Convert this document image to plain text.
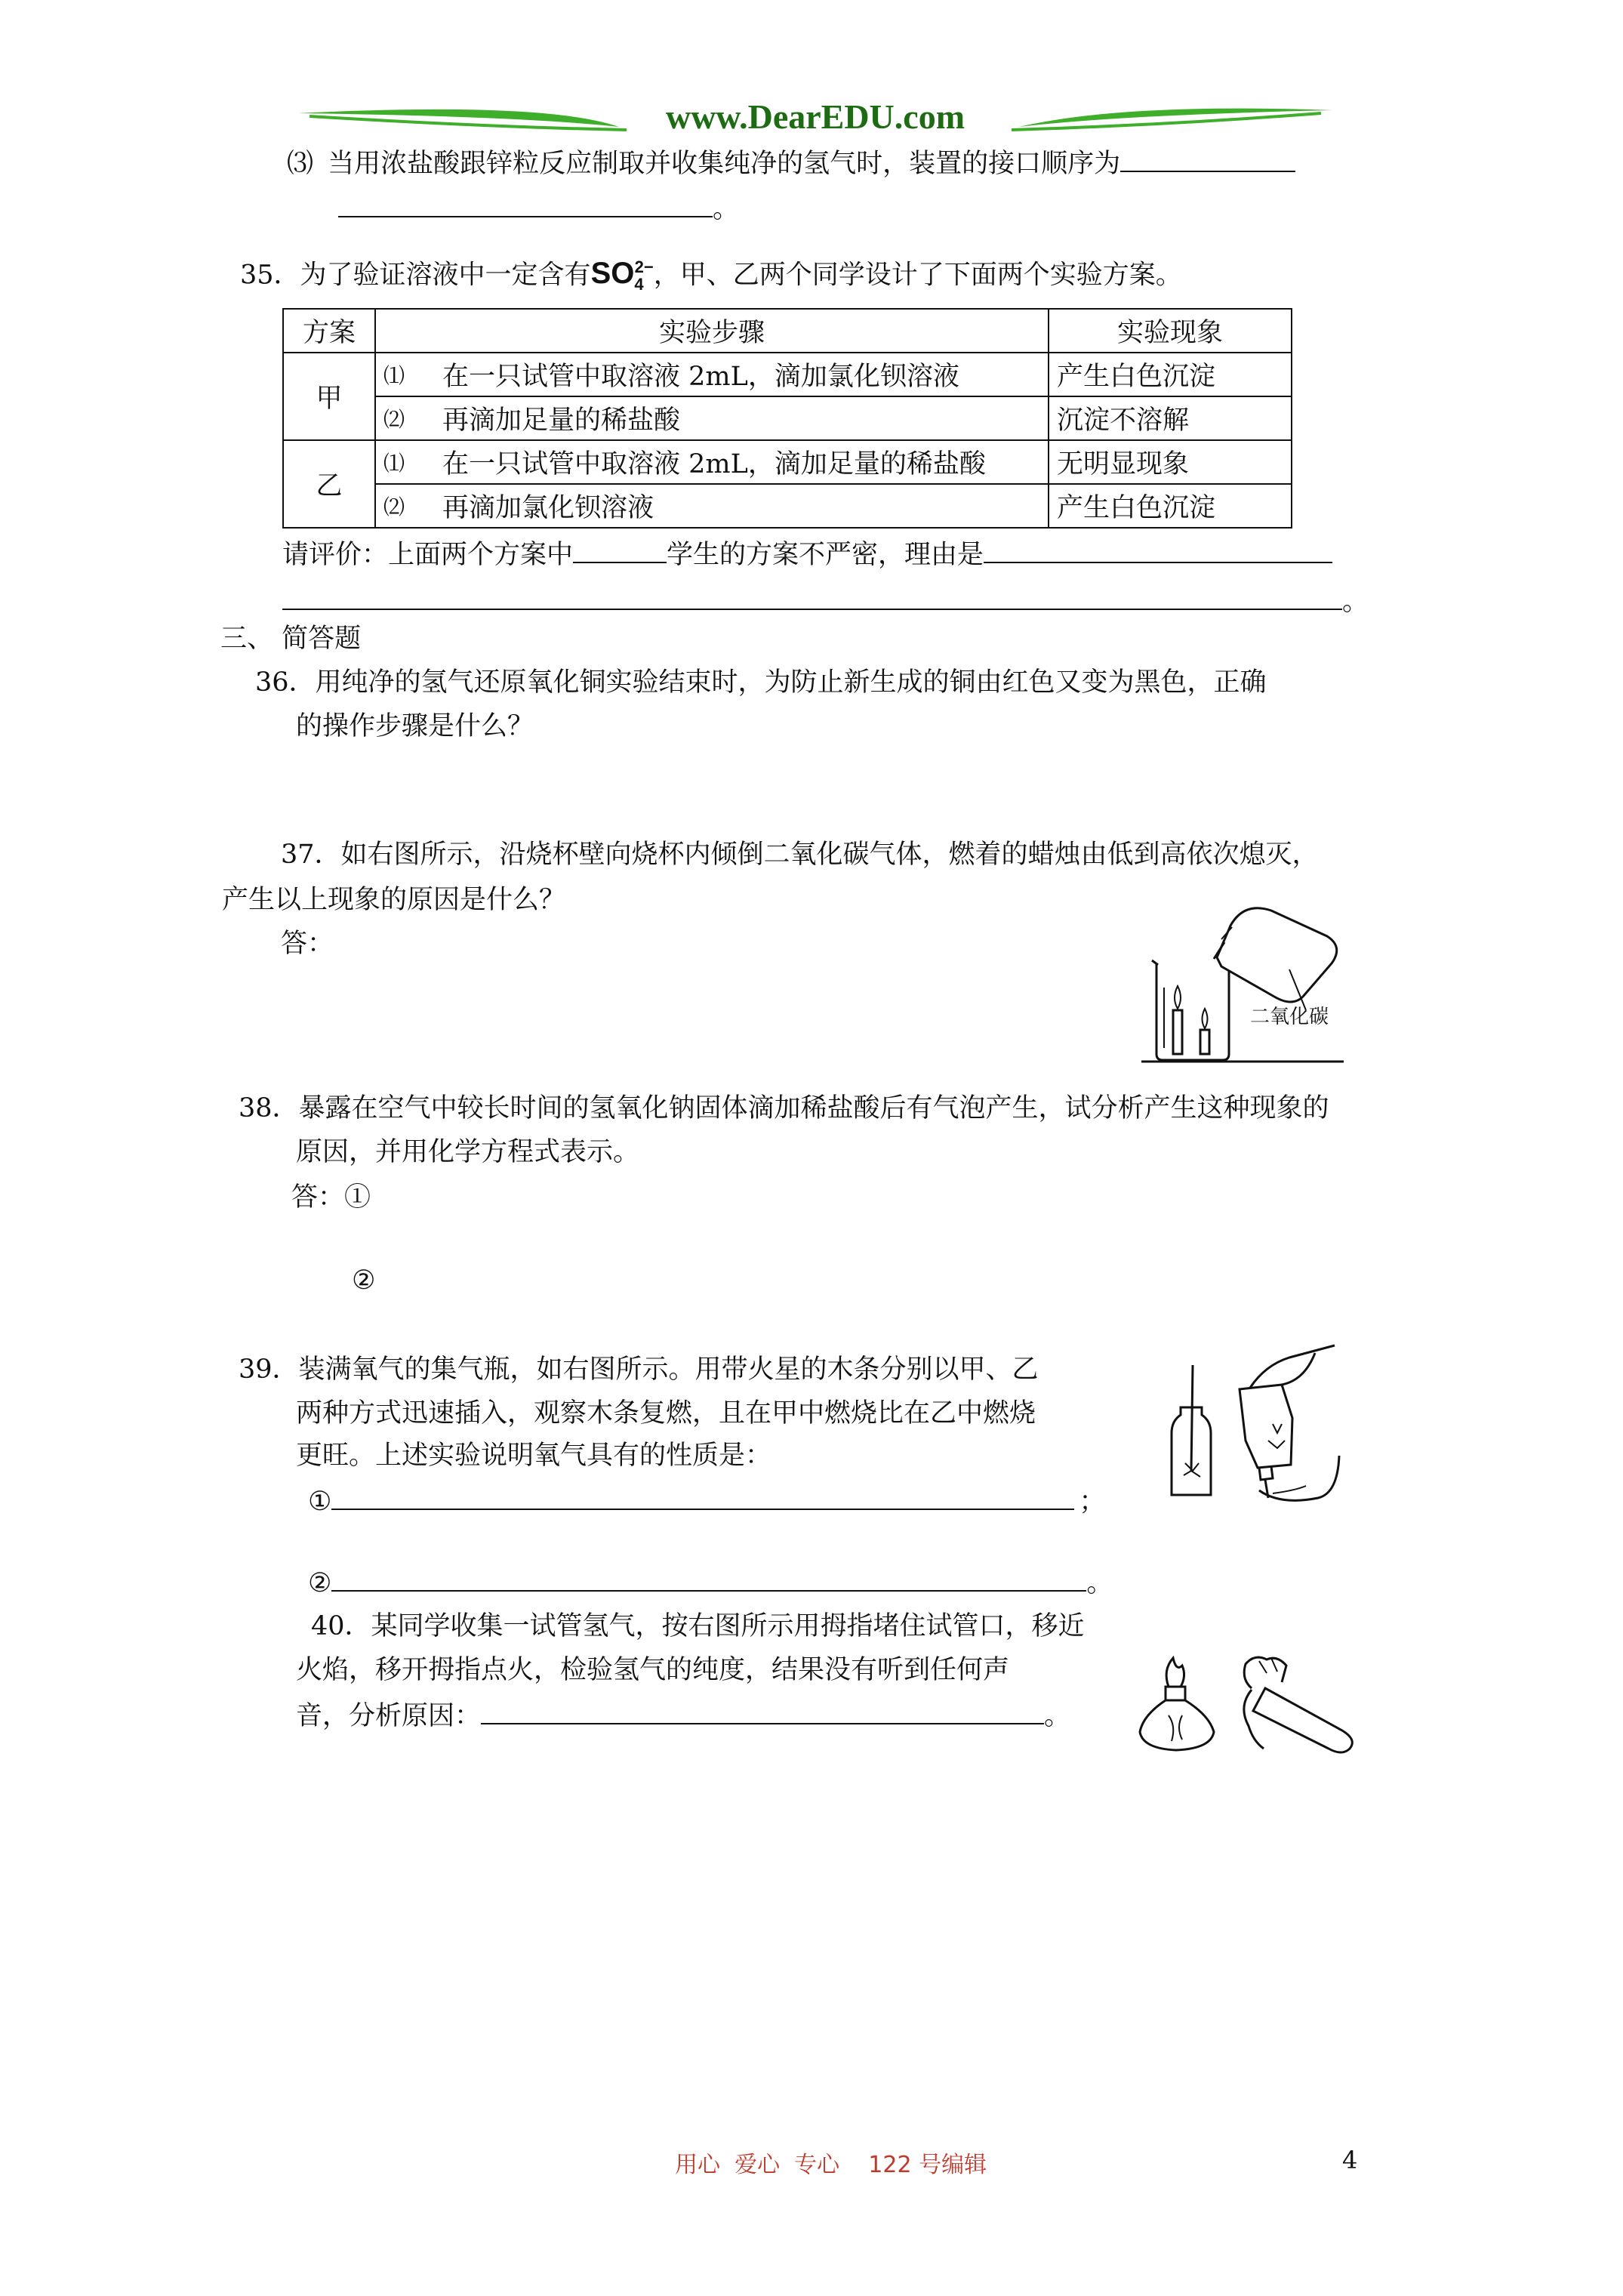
www.DearEDU.com
⑶ 当用浓盐酸跟锌粒反应制取并收集纯净的氢气时，装置的接口顺序为
。
35．为了验证溶液中一定含有$SO_4^{2-}$，甲、乙两个同学设计了下面两个实验方案。
方案	实验步骤		实验现象
甲	⑴	在一只试管中取溶液 2mL，滴加氯化钡溶液	产生白色沉淀
	⑵	再滴加足量的稀盐酸	沉淀不溶解
乙	⑴	在一只试管中取溶液 2mL，滴加足量的稀盐酸	无明显现象
	⑵	再滴加氯化钡溶液	产生白色沉淀
请评价：上面两个方案中	学生的方案不严密，理由是
。
三、 简答题
36．用纯净的氢气还原氧化铜实验结束时，为防止新生成的铜由红色又变为黑色，正确
的操作步骤是什么？
37．如右图所示，沿烧杯壁向烧杯内倾倒二氧化碳气体，燃着的蜡烛由低到高依次熄灭，
产生以上现象的原因是什么？
答：
二氧化碳
38．暴露在空气中较长时间的氢氧化钠固体滴加稀盐酸后有气泡产生，试分析产生这种现象的
原因，并用化学方程式表示。
答：①
②
39．装满氧气的集气瓶，如右图所示。用带火星的木条分别以甲、乙
两种方式迅速插入，观察木条复燃，且在甲中燃烧比在乙中燃烧
更旺。上述实验说明氧气具有的性质是：
①	；
②	。
40．某同学收集一试管氢气，按右图所示用拇指堵住试管口，移近
火焰，移开拇指点火，检验氢气的纯度，结果没有听到任何声
音，分析原因：	。
用心  爱心  专心    122 号编辑	4
